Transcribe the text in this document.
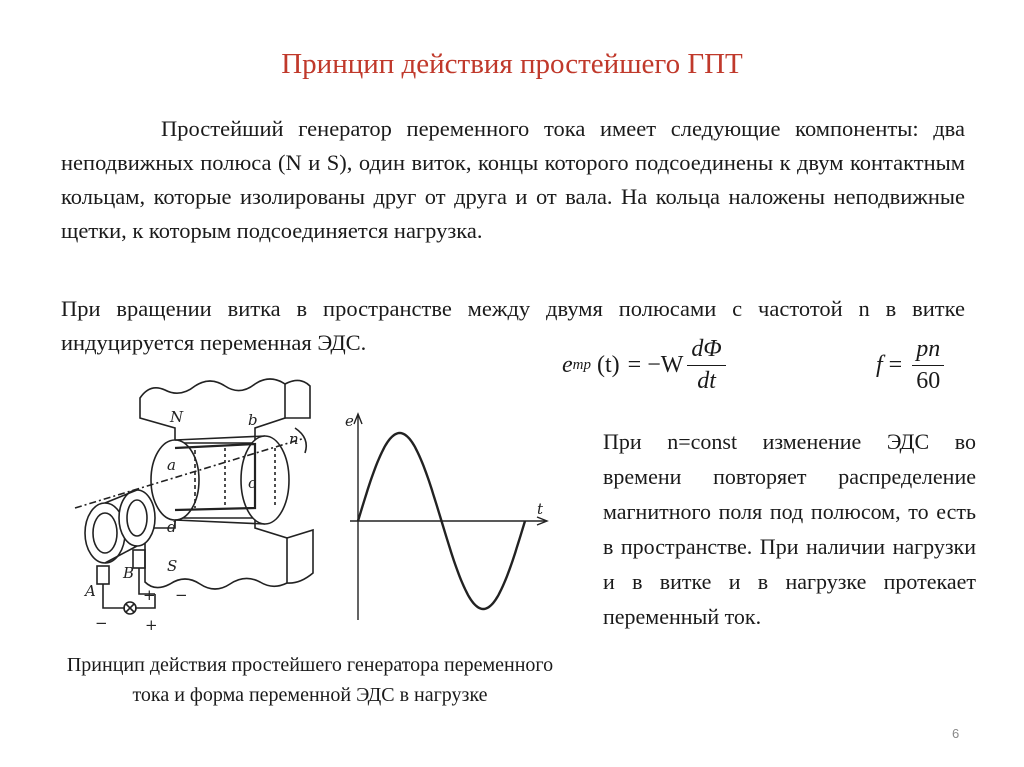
Принцип действия простейшего ГПТ

Простейший генератор переменного тока имеет следующие компоненты: два неподвижных полюса (N и S), один виток, концы которого подсоединены к двум контактным кольцам, которые изолированы друг от друга и от вала. На кольца наложены неподвижные щетки, к которым подсоединяется нагрузка.

При вращении витка в пространстве между двумя полюсами с частотой n в витке индуцируется переменная ЭДС.

e тр $(t) = -W \frac{d\Phi}{dt}$	$f = \frac{pn}{60}$
N
S
a
b
c
d
n
A
B
+
+
−
−
e
t

При n=const изменение ЭДС во времени повторяет распределение магнитного поля под полюсом, то есть в пространстве. При наличии нагрузки и в витке и в нагрузке протекает переменный ток.

Принцип действия простейшего генератора переменного тока и форма переменной ЭДС в нагрузке

6
